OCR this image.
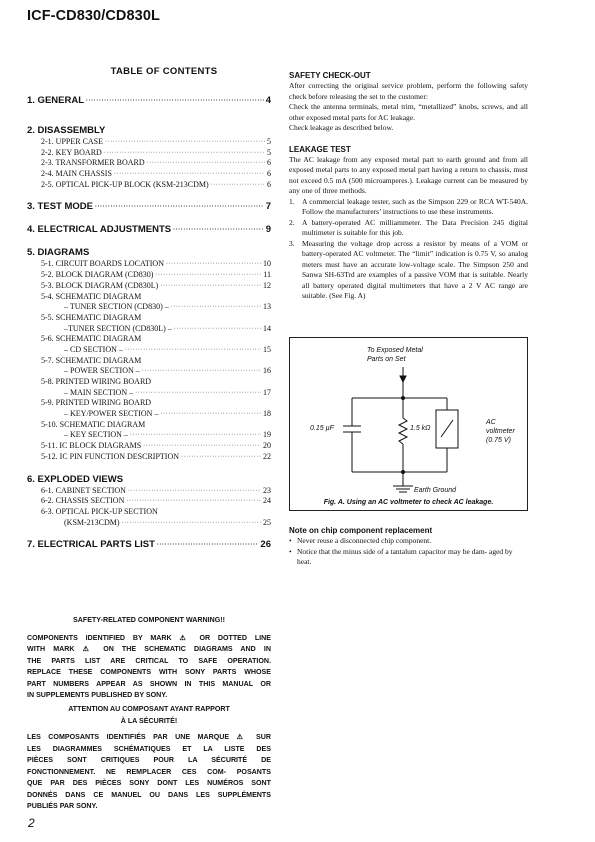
ICF-CD830/CD830L
TABLE OF CONTENTS
1. GENERAL ·····	4
2. DISASSEMBLY
2-1. UPPER CASE ·····	5
2-2. KEY BOARD ·····	5
2-3. TRANSFORMER BOARD ·····	6
2-4. MAIN CHASSIS ·····	6
2-5. OPTICAL PICK-UP BLOCK (KSM-213CDM) ·····	6
3. TEST MODE ·····	7
4. ELECTRICAL ADJUSTMENTS ·····	9
5. DIAGRAMS
5-1. CIRCUIT BOARDS LOCATION ·····	10
5-2. BLOCK DIAGRAM (CD830) ·····	11
5-3. BLOCK DIAGRAM (CD830L) ·····	12
5-4. SCHEMATIC DIAGRAM
– TUNER SECTION (CD830) – ·····	13
5-5. SCHEMATIC DIAGRAM
–TUNER SECTION (CD830L) – ·····	14
5-6. SCHEMATIC DIAGRAM
– CD SECTION – ·····	15
5-7. SCHEMATIC DIAGRAM
– POWER SECTION – ·····	16
5-8. PRINTED WIRING BOARD
– MAIN SECTION – ·····	17
5-9. PRINTED WIRING BOARD
– KEY/POWER SECTION – ·····	18
5-10. SCHEMATIC DIAGRAM
– KEY SECTION – ·····	19
5-11. IC BLOCK DIAGRAMS ·····	20
5-12. IC PIN FUNCTION DESCRIPTION ·····	22
6. EXPLODED VIEWS
6-1. CABINET SECTION ·····	23
6-2. CHASSIS SECTION ·····	24
6-3. OPTICAL PICK-UP SECTION
(KSM-213CDM) ·····	25
7. ELECTRICAL PARTS LIST ·····	26
SAFETY-RELATED COMPONENT WARNING!!
COMPONENTS IDENTIFIED BY MARK ⚠ OR DOTTED LINE
WITH MARK ⚠ ON THE SCHEMATIC DIAGRAMS AND IN
THE PARTS LIST ARE CRITICAL TO SAFE OPERATION.
REPLACE THESE COMPONENTS WITH SONY PARTS WHOSE
PART NUMBERS APPEAR AS SHOWN IN THIS MANUAL OR
IN SUPPLEMENTS PUBLISHED BY SONY.
ATTENTION AU COMPOSANT AYANT RAPPORT
À LA SÉCURITÉ!
LES COMPOSANTS IDENTIFIÉS PAR UNE MARQUE ⚠ SUR
LES DIAGRAMMES SCHÉMATIQUES ET LA LISTE DES
PIÈCES SONT CRITIQUES POUR LA SÉCURITÉ DE
FONCTIONNEMENT. NE REMPLACER CES COM- POSANTS
QUE PAR DES PIÈCES SONY DONT LES NUMÉROS SONT
DONNÉS DANS CE MANUEL OU DANS LES SUPPLÉMENTS
PUBLIÉS PAR SONY.
SAFETY CHECK-OUT
After correcting the original service problem, perform the following safety check before releasing the set to the customer:
Check the antenna terminals, metal trim, “metallized” knobs, screws, and all other exposed metal parts for AC leakage.
Check leakage as described below.
LEAKAGE TEST
The AC leakage from any exposed metal part to earth ground and from all exposed metal parts to any exposed metal part having a return to chassis, must not exceed 0.5 mA (500 microamperes.). Leakage current can be measured by any one of three methods.
1. A commercial leakage tester, such as the Simpson 229 or RCA WT-540A. Follow the manufacturers’ instructions to use these instruments.
2. A battery-operated AC milliammeter. The Data Precision 245 digital multimeter is suitable for this job.
3. Measuring the voltage drop across a resistor by means of a VOM or battery-operated AC voltmeter. The “limit” indication is 0.75 V, so analog meters must have an accurate low-voltage scale. The Simpson 250 and Sanwa SH-63Trd are examples of a passive VOM that is suitable. Nearly all battery operated digital multimeters that have a 2 V AC range are suitable. (See Fig. A)
To Exposed Metal
Parts on Set
0.15 µF	1.5 kΩ
AC
voltmeter
(0.75 V)
Earth Ground
Fig. A. Using an AC voltmeter to check AC leakage.
Note on chip component replacement
• Never reuse a disconnected chip component.
• Notice that the minus side of a tantalum capacitor may be dam- aged by heat.
2
